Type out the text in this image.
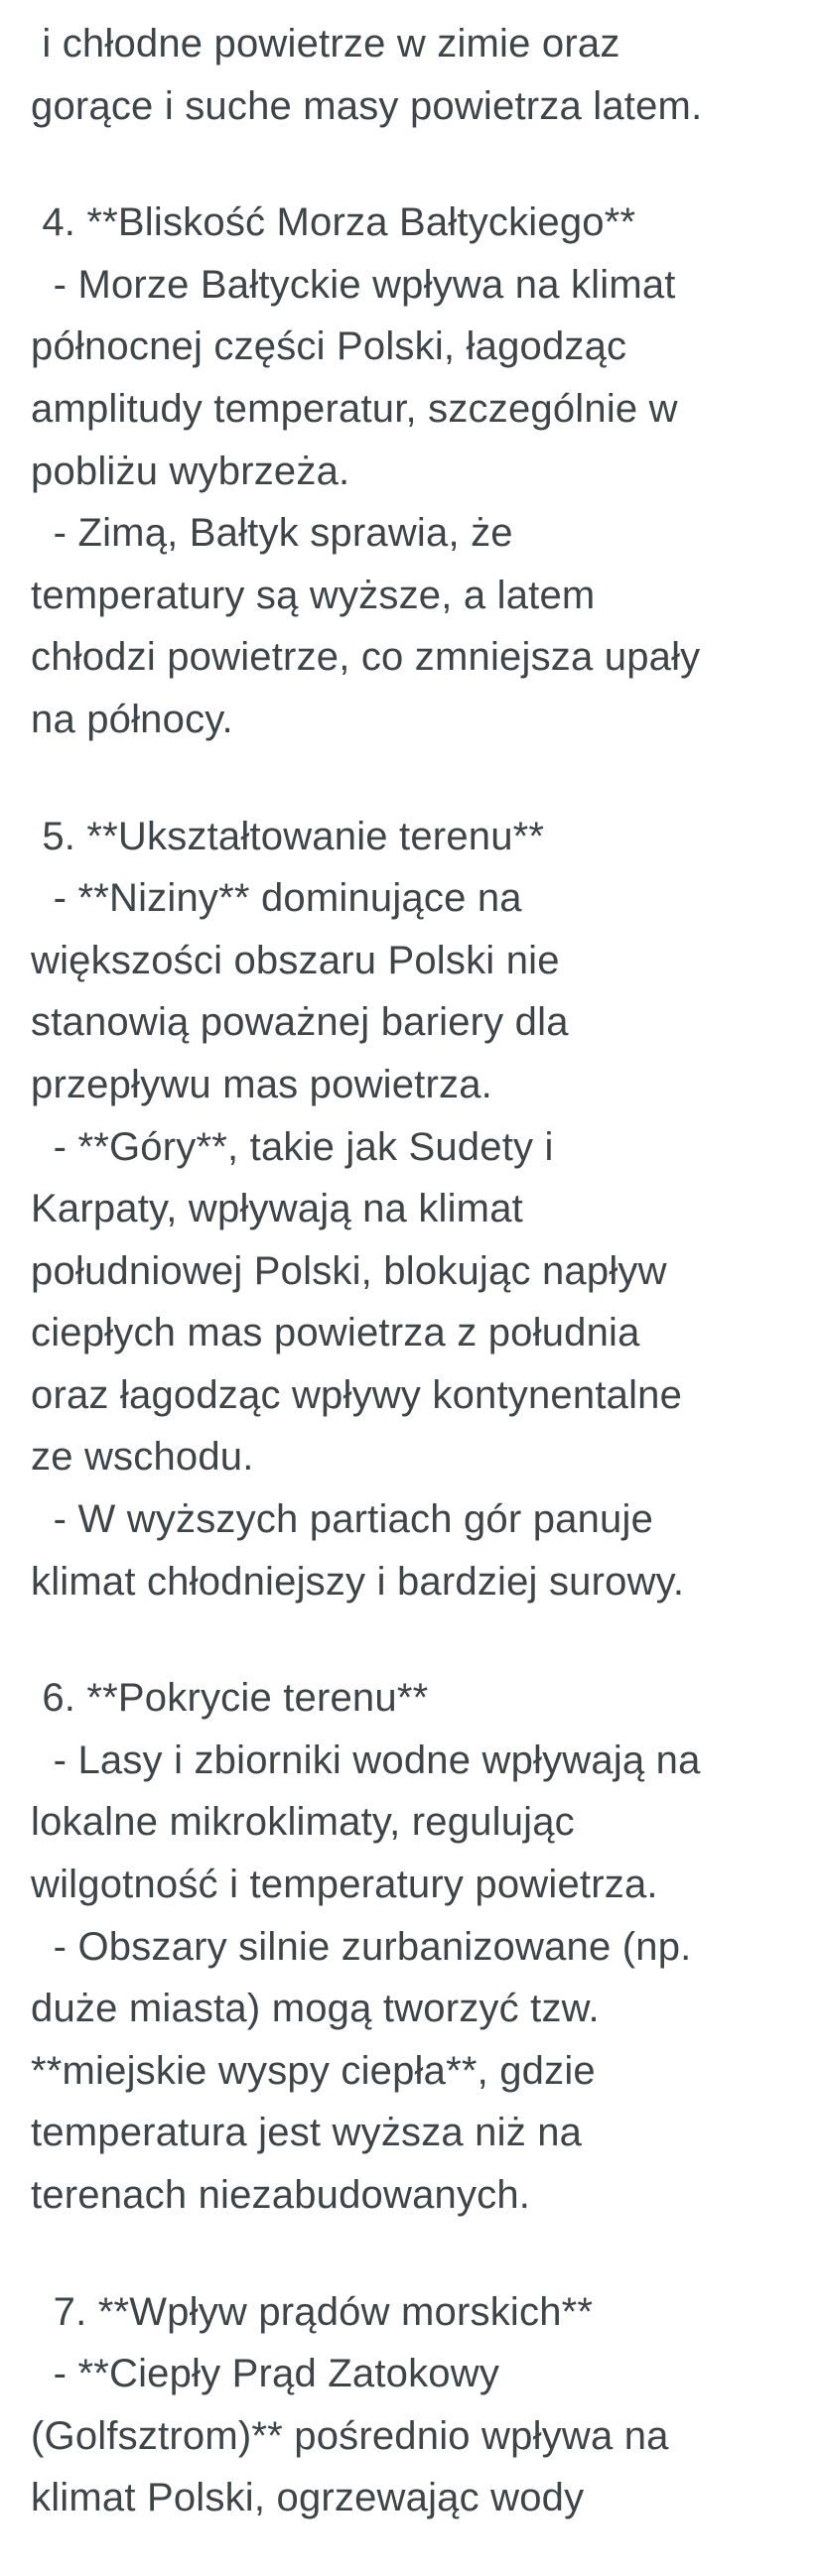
i chłodne powietrze w zimie oraz
gorące i suche masy powietrza latem.
4. **Bliskość Morza Bałtyckiego**
- Morze Bałtyckie wpływa na klimat
północnej części Polski, łagodząc
amplitudy temperatur, szczególnie w
pobliżu wybrzeża.
- Zimą, Bałtyk sprawia, że
temperatury są wyższe, a latem
chłodzi powietrze, co zmniejsza upały
na północy.
5. **Ukształtowanie terenu**
- **Niziny** dominujące na
większości obszaru Polski nie
stanowią poważnej bariery dla
przepływu mas powietrza.
- **Góry**, takie jak Sudety i
Karpaty, wpływają na klimat
południowej Polski, blokując napływ
ciepłych mas powietrza z południa
oraz łagodząc wpływy kontynentalne
ze wschodu.
- W wyższych partiach gór panuje
klimat chłodniejszy i bardziej surowy.
6. **Pokrycie terenu**
- Lasy i zbiorniki wodne wpływają na
lokalne mikroklimaty, regulując
wilgotność i temperatury powietrza.
- Obszary silnie zurbanizowane (np.
duże miasta) mogą tworzyć tzw.
**miejskie wyspy ciepła**, gdzie
temperatura jest wyższa niż na
terenach niezabudowanych.
7. **Wpływ prądów morskich**
- **Ciepły Prąd Zatokowy
(Golfsztrom)** pośrednio wpływa na
klimat Polski, ogrzewając wody
